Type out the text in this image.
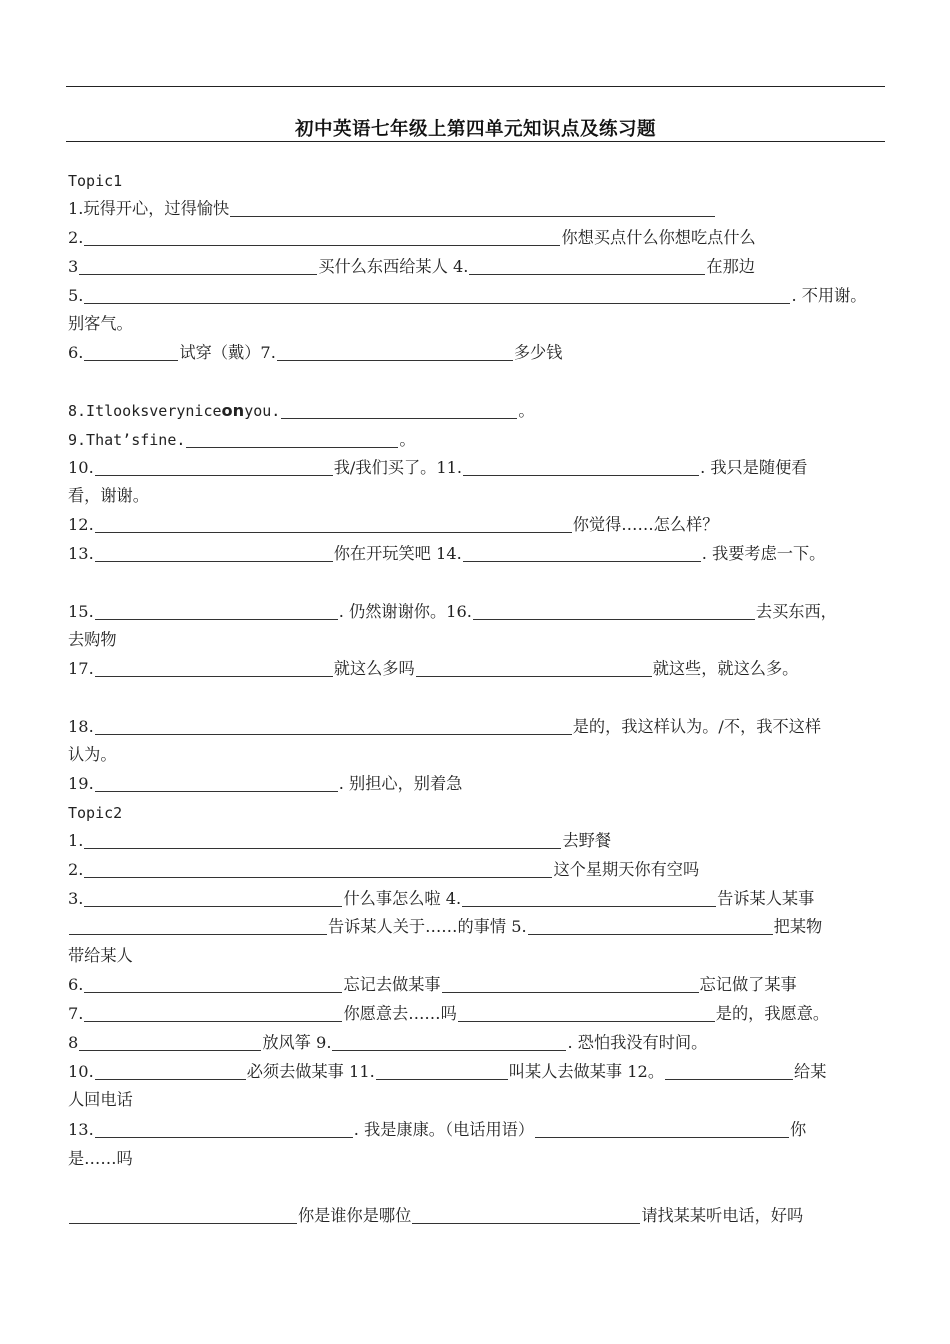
初中英语七年级上第四单元知识点及练习题
Topic1
1.玩得开心，过得愉快
2.	你想买点什么你想吃点什么
3	买什么东西给某人 4.	在那边
5.	. 不用谢。
别客气。
6.	试穿（戴）7.	多少钱
8.Itlooksveryniceonyou.	。
9.That’sfine.	。
10.	我/我们买了。11.	. 我只是随便看
看，谢谢。
12.	你觉得……怎么样？
13.	你在开玩笑吧 14.	. 我要考虑一下。
15.	. 仍然谢谢你。16.	去买东西，
去购物
17.	就这么多吗	就这些，就这么多。
18.	是的，我这样认为。/不，我不这样
认为。
19.	. 别担心，别着急
Topic2
1.	去野餐
2.	这个星期天你有空吗
3.	什么事怎么啦 4.	告诉某人某事
告诉某人关于……的事情 5.	把某物
带给某人
6.	忘记去做某事	忘记做了某事
7.	你愿意去……吗	是的，我愿意。
8	放风筝 9.	. 恐怕我没有时间。
10.	必须去做某事 11.	叫某人去做某事 12。	给某
人回电话
13.	. 我是康康。（电话用语）	你
是……吗
你是谁你是哪位	请找某某听电话，好吗
